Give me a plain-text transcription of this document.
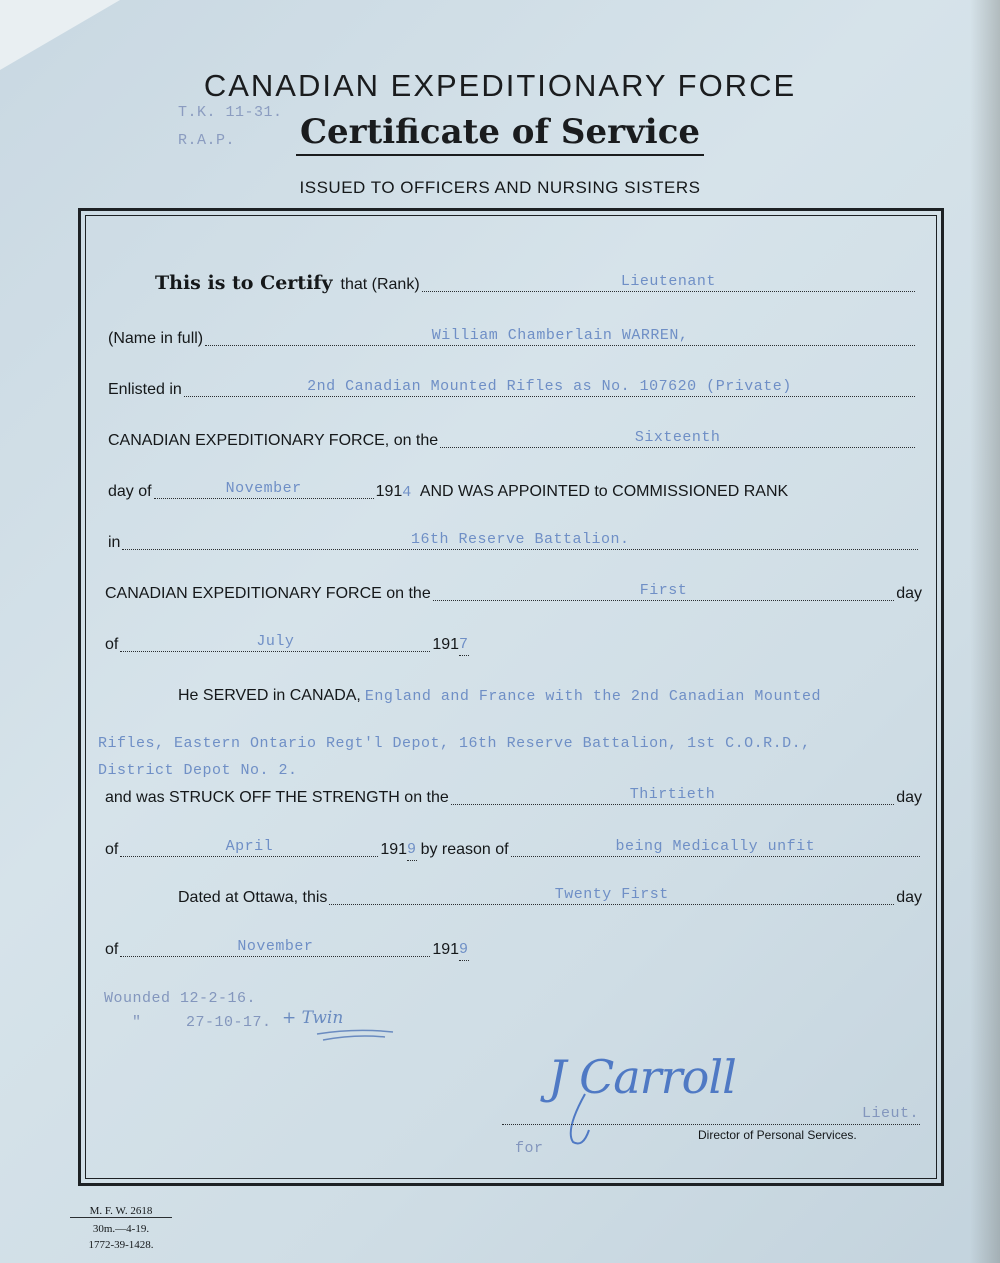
T.K. 11-31.
R.A.P.
CANADIAN EXPEDITIONARY FORCE
Certificate of Service
ISSUED TO OFFICERS AND NURSING SISTERS
This is to Certify that (Rank)	Lieutenant
(Name in full)	William Chamberlain WARREN,
Enlisted in	2nd Canadian Mounted Rifles as No. 107620 (Private)
CANADIAN EXPEDITIONARY FORCE, on the	Sixteenth
day of	November	191 4 AND WAS APPOINTED to COMMISSIONED RANK
in	16th Reserve Battalion.
CANADIAN EXPEDITIONARY FORCE on the	First	day
of	July	191 7
He SERVED in CANADA, England and France with the 2nd Canadian Mounted
Rifles, Eastern Ontario Regt'l Depot, 16th Reserve Battalion, 1st C.O.R.D.,
District Depot No. 2.
and was STRUCK OFF THE STRENGTH on the	Thirtieth	day
of	April	191 9 by reason of	being Medically unfit
Dated at Ottawa, this	Twenty First	day
of	November	191 9
Wounded 12-2-16.
"	27-10-17. + Twin
J Carroll
Lieut.
for
Director of Personal Services.
M. F. W. 2618
30m.—4-19.
1772-39-1428.
